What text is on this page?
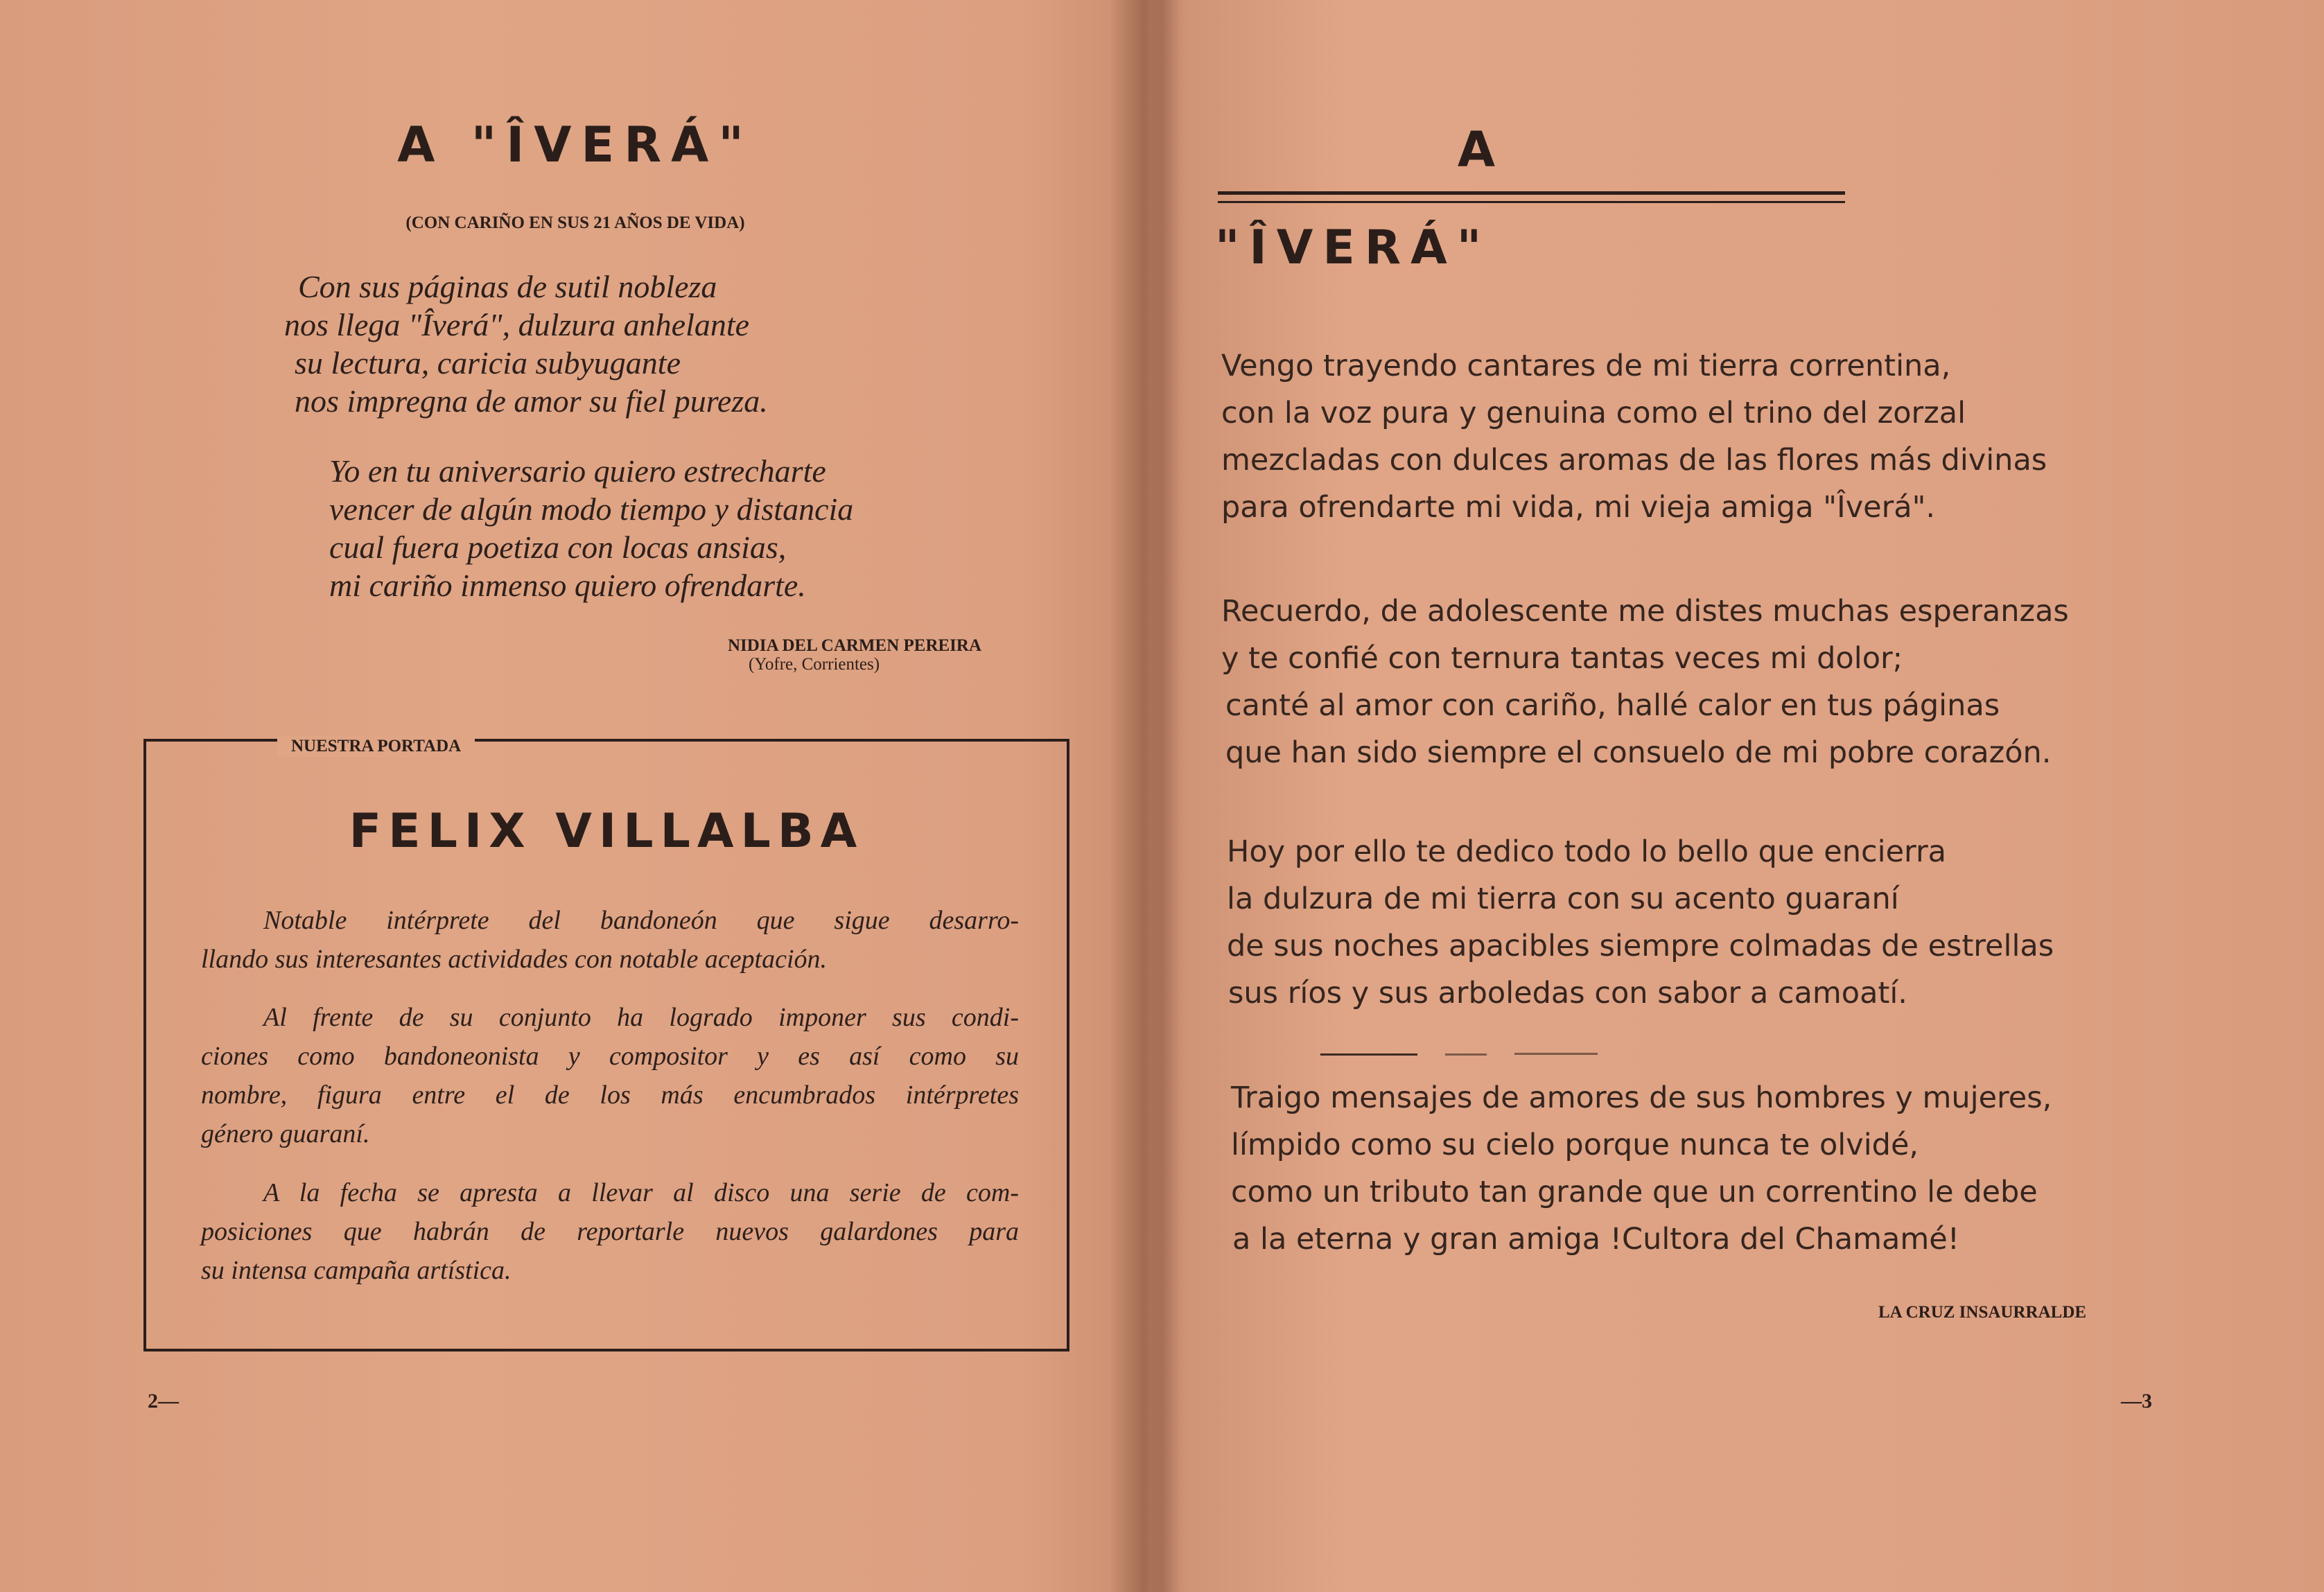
A "ÎVERÁ"
(CON CARIÑO EN SUS 21 AÑOS DE VIDA)
Con sus páginas de sutil nobleza
nos llega "Îverá", dulzura anhelante
su lectura, caricia subyugante
nos impregna de amor su fiel pureza.
Yo en tu aniversario quiero estrecharte
vencer de algún modo tiempo y distancia
cual fuera poetiza con locas ansias,
mi cariño inmenso quiero ofrendarte.
NIDIA DEL CARMEN PEREIRA
(Yofre, Corrientes)
NUESTRA PORTADA
FELIX VILLALBA
Notable intérprete del bandoneón que sigue desarro-
llando sus interesantes actividades con notable aceptación.
Al frente de su conjunto ha logrado imponer sus condi-
ciones como bandoneonista y compositor y es así como su
nombre, figura entre el de los más encumbrados intérpretes
género guaraní.
A la fecha se apresta a llevar al disco una serie de com-
posiciones que habrán de reportarle nuevos galardones para
su intensa campaña artística.
2—
A
"ÎVERÁ"
Vengo trayendo cantares de mi tierra correntina,
con la voz pura y genuina como el trino del zorzal
mezcladas con dulces aromas de las flores más divinas
para ofrendarte mi vida, mi vieja amiga "Îverá".
Recuerdo, de adolescente me distes muchas esperanzas
y te confié con ternura tantas veces mi dolor;
canté al amor con cariño, hallé calor en tus páginas
que han sido siempre el consuelo de mi pobre corazón.
Hoy por ello te dedico todo lo bello que encierra
la dulzura de mi tierra con su acento guaraní
de sus noches apacibles siempre colmadas de estrellas
sus ríos y sus arboledas con sabor a camoatí.
Traigo mensajes de amores de sus hombres y mujeres,
límpido como su cielo porque nunca te olvidé,
como un tributo tan grande que un correntino le debe
a la eterna y gran amiga !Cultora del Chamamé!
LA CRUZ INSAURRALDE
—3
